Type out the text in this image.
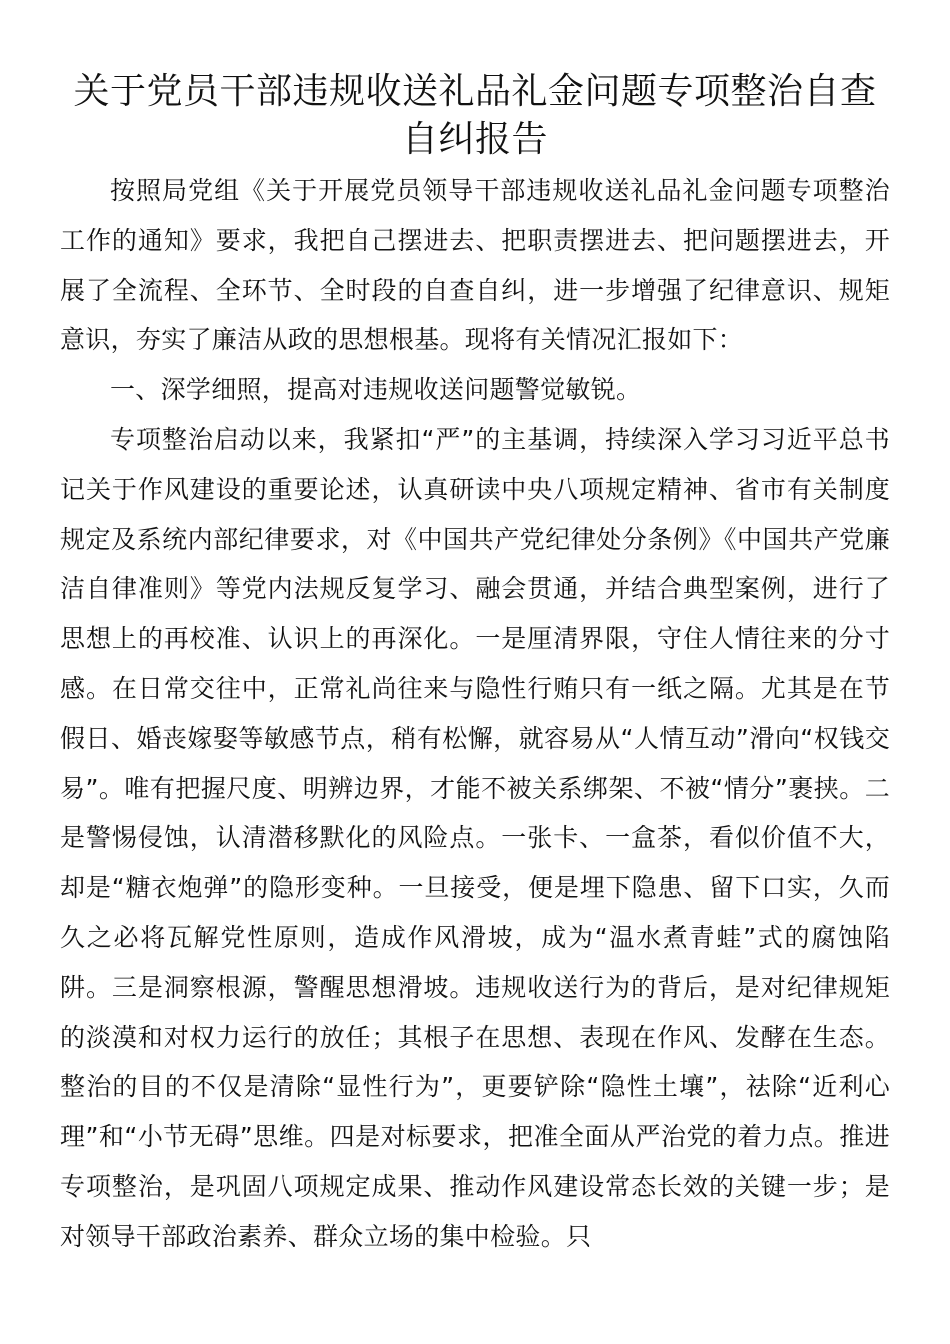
关于党员干部违规收送礼品礼金问题专项整治自查自纠报告

按照局党组《关于开展党员领导干部违规收送礼品礼金问题专项整治工作的通知》要求，我把自己摆进去、把职责摆进去、把问题摆进去，开展了全流程、全环节、全时段的自查自纠，进一步增强了纪律意识、规矩意识，夯实了廉洁从政的思想根基。现将有关情况汇报如下：

一、深学细照，提高对违规收送问题警觉敏锐。

专项整治启动以来，我紧扣“严”的主基调，持续深入学习习近平总书记关于作风建设的重要论述，认真研读中央八项规定精神、省市有关制度规定及系统内部纪律要求，对《中国共产党纪律处分条例》《中国共产党廉洁自律准则》等党内法规反复学习、融会贯通，并结合典型案例，进行了思想上的再校准、认识上的再深化。一是厘清界限，守住人情往来的分寸感。在日常交往中，正常礼尚往来与隐性行贿只有一纸之隔。尤其是在节假日、婚丧嫁娶等敏感节点，稍有松懈，就容易从“人情互动”滑向“权钱交易”。唯有把握尺度、明辨边界，才能不被关系绑架、不被“情分”裹挟。二是警惕侵蚀，认清潜移默化的风险点。一张卡、一盒茶，看似价值不大，却是“糖衣炮弹”的隐形变种。一旦接受，便是埋下隐患、留下口实，久而久之必将瓦解党性原则，造成作风滑坡，成为“温水煮青蛙”式的腐蚀陷阱。三是洞察根源，警醒思想滑坡。违规收送行为的背后，是对纪律规矩的淡漠和对权力运行的放任；其根子在思想、表现在作风、发酵在生态。整治的目的不仅是清除“显性行为”，更要铲除“隐性土壤”，祛除“近利心理”和“小节无碍”思维。四是对标要求，把准全面从严治党的着力点。推进专项整治，是巩固八项规定成果、推动作风建设常态长效的关键一步；是对领导干部政治素养、群众立场的集中检验。只
